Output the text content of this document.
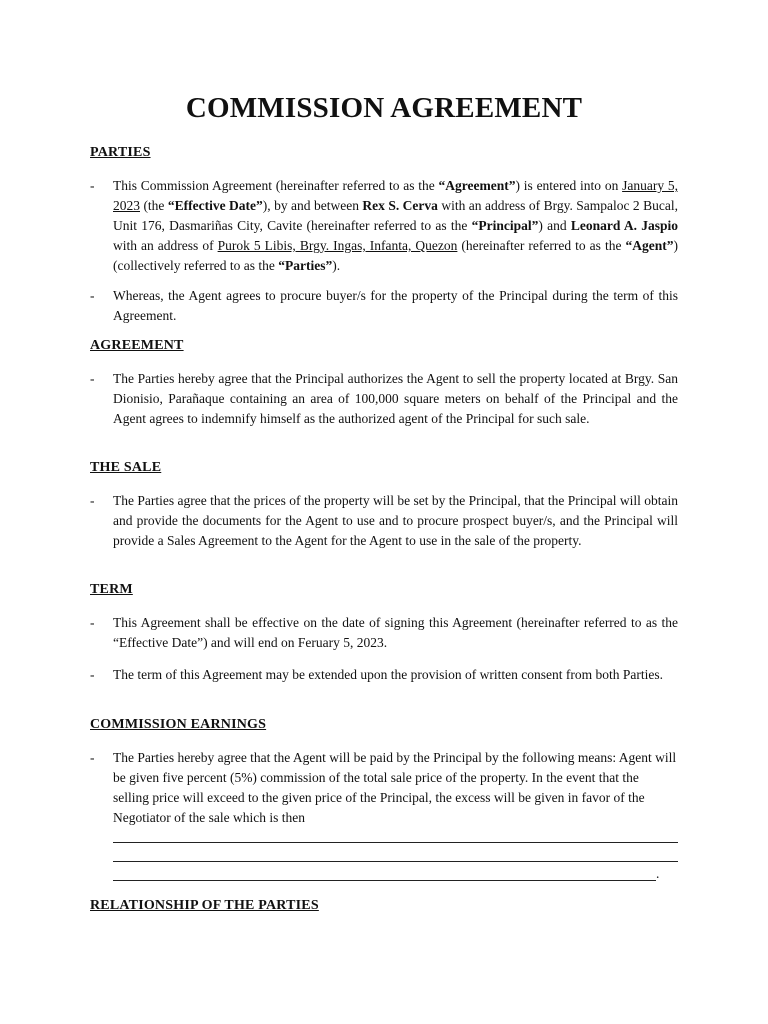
COMMISSION AGREEMENT

PARTIES

- This Commission Agreement (hereinafter referred to as the “Agreement”) is entered into on January 5, 2023 (the “Effective Date”), by and between Rex S. Cerva with an address of Brgy. Sampaloc 2 Bucal, Unit 176, Dasmariñas City, Cavite (hereinafter referred to as the “Principal”) and Leonard A. Jaspio with an address of Purok 5 Libis, Brgy. Ingas, Infanta, Quezon (hereinafter referred to as the “Agent”) (collectively referred to as the “Parties”).
- Whereas, the Agent agrees to procure buyer/s for the property of the Principal during the term of this Agreement.

AGREEMENT

- The Parties hereby agree that the Principal authorizes the Agent to sell the property located at Brgy. San Dionisio, Parañaque containing an area of 100,000 square meters on behalf of the Principal and the Agent agrees to indemnify himself as the authorized agent of the Principal for such sale.

THE SALE

- The Parties agree that the prices of the property will be set by the Principal, that the Principal will obtain and provide the documents for the Agent to use and to procure prospect buyer/s, and the Principal will provide a Sales Agreement to the Agent for the Agent to use in the sale of the property.

TERM

- This Agreement shall be effective on the date of signing this Agreement (hereinafter referred to as the “Effective Date”) and will end on Feruary 5, 2023.
- The term of this Agreement may be extended upon the provision of written consent from both Parties.

COMMISSION EARNINGS

- The Parties hereby agree that the Agent will be paid by the Principal by the following means: Agent will be given five percent (5%) commission of the total sale price of the property. In the event that the selling price will exceed to the given price of the Principal, the excess will be given in favor of the Negotiator of the sale which is then
.

RELATIONSHIP OF THE PARTIES
